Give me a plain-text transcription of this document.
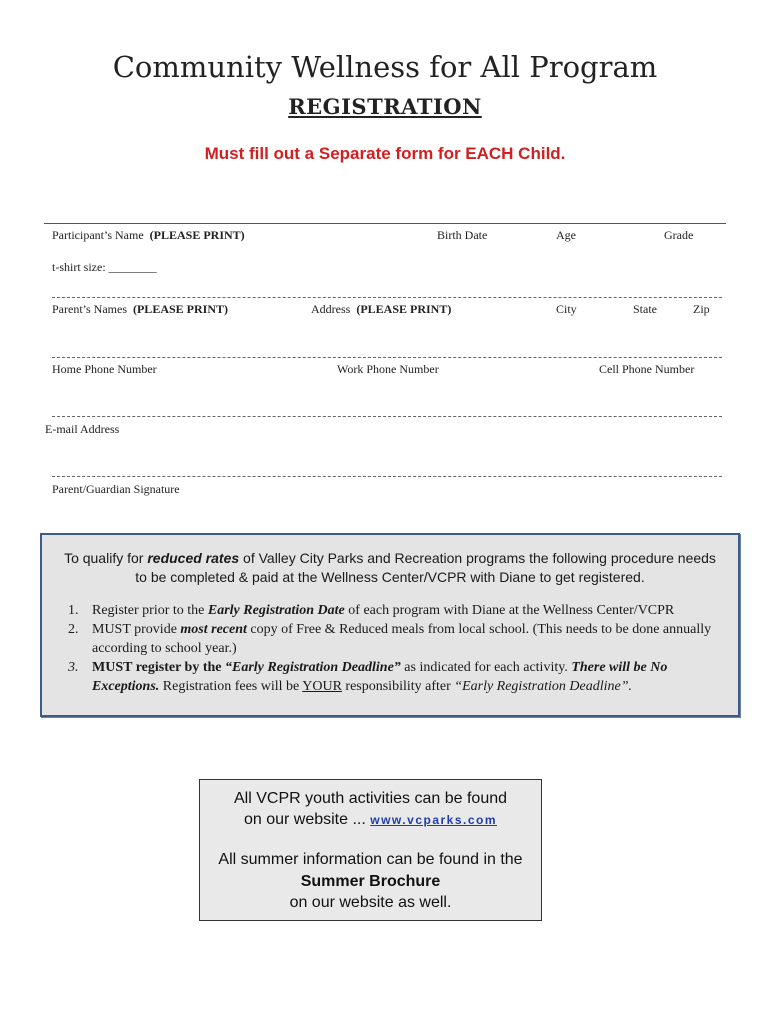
Community Wellness for All Program
REGISTRATION
Must fill out a Separate form for EACH Child.
Participant’s Name (PLEASE PRINT)	Birth Date	Age	Grade
t-shirt size: ________
Parent’s Names (PLEASE PRINT)	Address (PLEASE PRINT)	City	State	Zip
Home Phone Number	Work Phone Number	Cell Phone Number
E-mail Address
Parent/Guardian Signature
To qualify for reduced rates of Valley City Parks and Recreation programs the following procedure needs
to be completed & paid at the Wellness Center/VCPR with Diane to get registered.
1. Register prior to the Early Registration Date of each program with Diane at the Wellness Center/VCPR
2. MUST provide most recent copy of Free & Reduced meals from local school. (This needs to be done annually according to school year.)
3. MUST register by the “Early Registration Deadline” as indicated for each activity. There will be No Exceptions. Registration fees will be YOUR responsibility after “Early Registration Deadline”.
All VCPR youth activities can be found
on our website ... www.vcparks.com
All summer information can be found in the
Summer Brochure
on our website as well.
